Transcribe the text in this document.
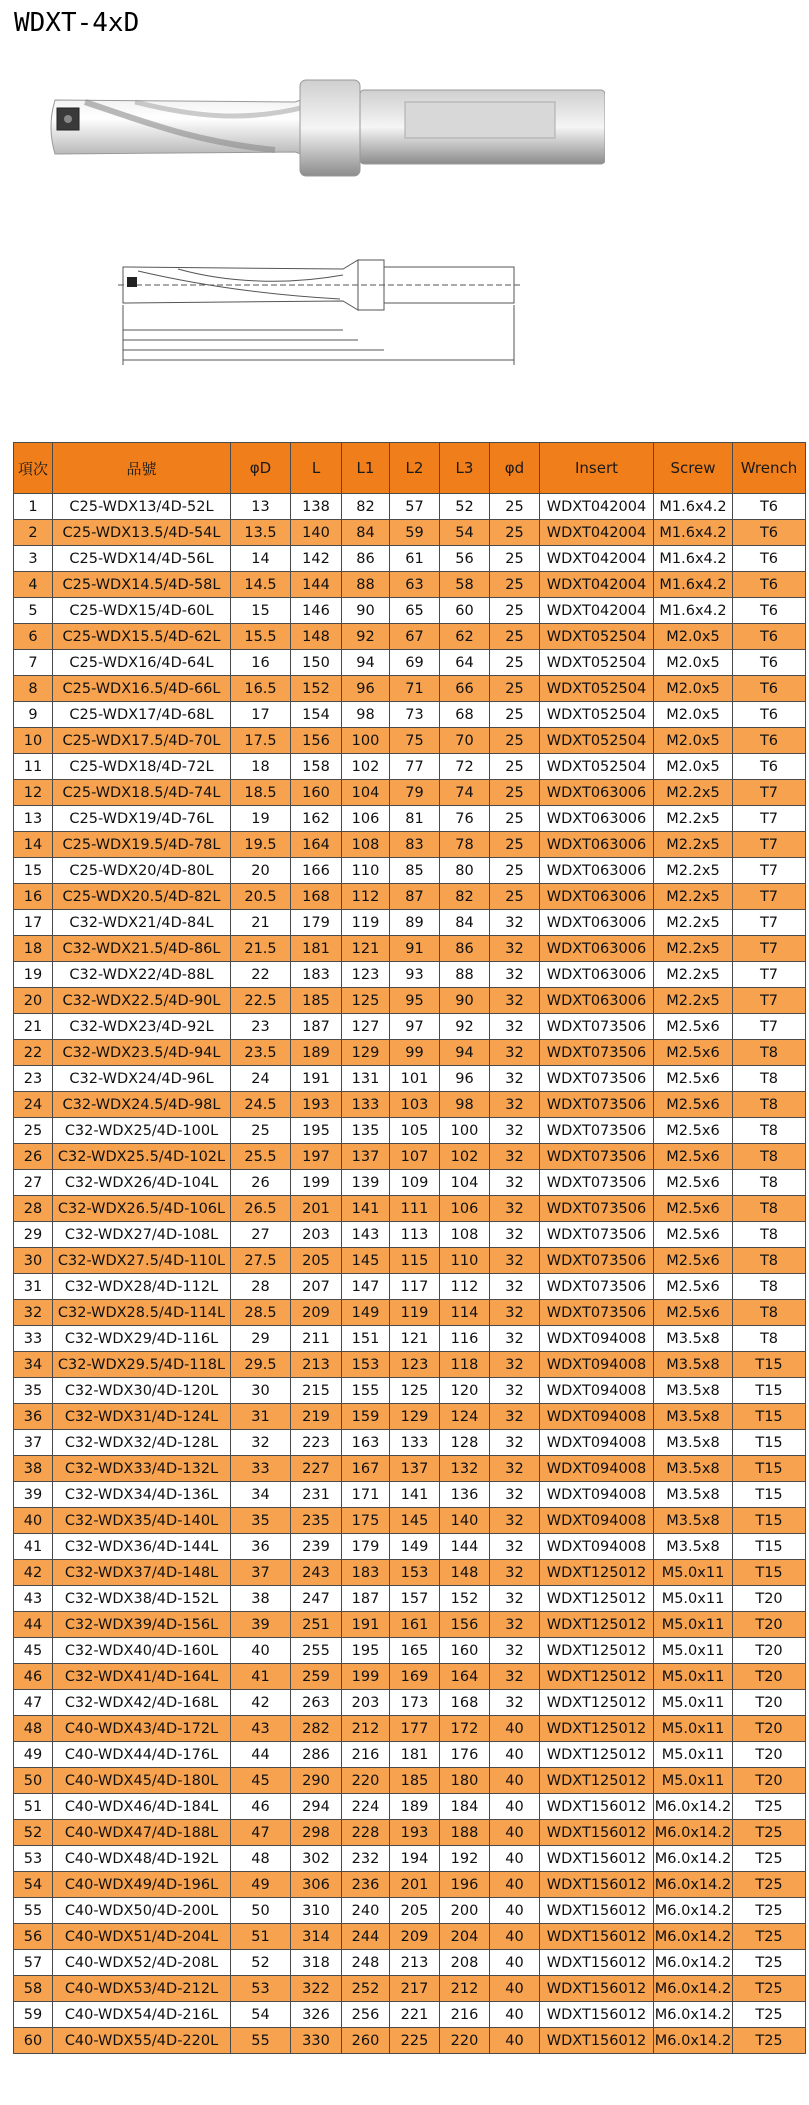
WDXT-4xD
項次	品號	φD	L	L1	L2	L3	φd	Insert	Screw	Wrench
1	C25-WDX13/4D-52L	13	138	82	57	52	25	WDXT042004	M1.6x4.2	T6
2	C25-WDX13.5/4D-54L	13.5	140	84	59	54	25	WDXT042004	M1.6x4.2	T6
3	C25-WDX14/4D-56L	14	142	86	61	56	25	WDXT042004	M1.6x4.2	T6
4	C25-WDX14.5/4D-58L	14.5	144	88	63	58	25	WDXT042004	M1.6x4.2	T6
5	C25-WDX15/4D-60L	15	146	90	65	60	25	WDXT042004	M1.6x4.2	T6
6	C25-WDX15.5/4D-62L	15.5	148	92	67	62	25	WDXT052504	M2.0x5	T6
7	C25-WDX16/4D-64L	16	150	94	69	64	25	WDXT052504	M2.0x5	T6
8	C25-WDX16.5/4D-66L	16.5	152	96	71	66	25	WDXT052504	M2.0x5	T6
9	C25-WDX17/4D-68L	17	154	98	73	68	25	WDXT052504	M2.0x5	T6
10	C25-WDX17.5/4D-70L	17.5	156	100	75	70	25	WDXT052504	M2.0x5	T6
11	C25-WDX18/4D-72L	18	158	102	77	72	25	WDXT052504	M2.0x5	T6
12	C25-WDX18.5/4D-74L	18.5	160	104	79	74	25	WDXT063006	M2.2x5	T7
13	C25-WDX19/4D-76L	19	162	106	81	76	25	WDXT063006	M2.2x5	T7
14	C25-WDX19.5/4D-78L	19.5	164	108	83	78	25	WDXT063006	M2.2x5	T7
15	C25-WDX20/4D-80L	20	166	110	85	80	25	WDXT063006	M2.2x5	T7
16	C25-WDX20.5/4D-82L	20.5	168	112	87	82	25	WDXT063006	M2.2x5	T7
17	C32-WDX21/4D-84L	21	179	119	89	84	32	WDXT063006	M2.2x5	T7
18	C32-WDX21.5/4D-86L	21.5	181	121	91	86	32	WDXT063006	M2.2x5	T7
19	C32-WDX22/4D-88L	22	183	123	93	88	32	WDXT063006	M2.2x5	T7
20	C32-WDX22.5/4D-90L	22.5	185	125	95	90	32	WDXT063006	M2.2x5	T7
21	C32-WDX23/4D-92L	23	187	127	97	92	32	WDXT073506	M2.5x6	T7
22	C32-WDX23.5/4D-94L	23.5	189	129	99	94	32	WDXT073506	M2.5x6	T8
23	C32-WDX24/4D-96L	24	191	131	101	96	32	WDXT073506	M2.5x6	T8
24	C32-WDX24.5/4D-98L	24.5	193	133	103	98	32	WDXT073506	M2.5x6	T8
25	C32-WDX25/4D-100L	25	195	135	105	100	32	WDXT073506	M2.5x6	T8
26	C32-WDX25.5/4D-102L	25.5	197	137	107	102	32	WDXT073506	M2.5x6	T8
27	C32-WDX26/4D-104L	26	199	139	109	104	32	WDXT073506	M2.5x6	T8
28	C32-WDX26.5/4D-106L	26.5	201	141	111	106	32	WDXT073506	M2.5x6	T8
29	C32-WDX27/4D-108L	27	203	143	113	108	32	WDXT073506	M2.5x6	T8
30	C32-WDX27.5/4D-110L	27.5	205	145	115	110	32	WDXT073506	M2.5x6	T8
31	C32-WDX28/4D-112L	28	207	147	117	112	32	WDXT073506	M2.5x6	T8
32	C32-WDX28.5/4D-114L	28.5	209	149	119	114	32	WDXT073506	M2.5x6	T8
33	C32-WDX29/4D-116L	29	211	151	121	116	32	WDXT094008	M3.5x8	T8
34	C32-WDX29.5/4D-118L	29.5	213	153	123	118	32	WDXT094008	M3.5x8	T15
35	C32-WDX30/4D-120L	30	215	155	125	120	32	WDXT094008	M3.5x8	T15
36	C32-WDX31/4D-124L	31	219	159	129	124	32	WDXT094008	M3.5x8	T15
37	C32-WDX32/4D-128L	32	223	163	133	128	32	WDXT094008	M3.5x8	T15
38	C32-WDX33/4D-132L	33	227	167	137	132	32	WDXT094008	M3.5x8	T15
39	C32-WDX34/4D-136L	34	231	171	141	136	32	WDXT094008	M3.5x8	T15
40	C32-WDX35/4D-140L	35	235	175	145	140	32	WDXT094008	M3.5x8	T15
41	C32-WDX36/4D-144L	36	239	179	149	144	32	WDXT094008	M3.5x8	T15
42	C32-WDX37/4D-148L	37	243	183	153	148	32	WDXT125012	M5.0x11	T15
43	C32-WDX38/4D-152L	38	247	187	157	152	32	WDXT125012	M5.0x11	T20
44	C32-WDX39/4D-156L	39	251	191	161	156	32	WDXT125012	M5.0x11	T20
45	C32-WDX40/4D-160L	40	255	195	165	160	32	WDXT125012	M5.0x11	T20
46	C32-WDX41/4D-164L	41	259	199	169	164	32	WDXT125012	M5.0x11	T20
47	C32-WDX42/4D-168L	42	263	203	173	168	32	WDXT125012	M5.0x11	T20
48	C40-WDX43/4D-172L	43	282	212	177	172	40	WDXT125012	M5.0x11	T20
49	C40-WDX44/4D-176L	44	286	216	181	176	40	WDXT125012	M5.0x11	T20
50	C40-WDX45/4D-180L	45	290	220	185	180	40	WDXT125012	M5.0x11	T20
51	C40-WDX46/4D-184L	46	294	224	189	184	40	WDXT156012	M6.0x14.2	T25
52	C40-WDX47/4D-188L	47	298	228	193	188	40	WDXT156012	M6.0x14.2	T25
53	C40-WDX48/4D-192L	48	302	232	194	192	40	WDXT156012	M6.0x14.2	T25
54	C40-WDX49/4D-196L	49	306	236	201	196	40	WDXT156012	M6.0x14.2	T25
55	C40-WDX50/4D-200L	50	310	240	205	200	40	WDXT156012	M6.0x14.2	T25
56	C40-WDX51/4D-204L	51	314	244	209	204	40	WDXT156012	M6.0x14.2	T25
57	C40-WDX52/4D-208L	52	318	248	213	208	40	WDXT156012	M6.0x14.2	T25
58	C40-WDX53/4D-212L	53	322	252	217	212	40	WDXT156012	M6.0x14.2	T25
59	C40-WDX54/4D-216L	54	326	256	221	216	40	WDXT156012	M6.0x14.2	T25
60	C40-WDX55/4D-220L	55	330	260	225	220	40	WDXT156012	M6.0x14.2	T25
